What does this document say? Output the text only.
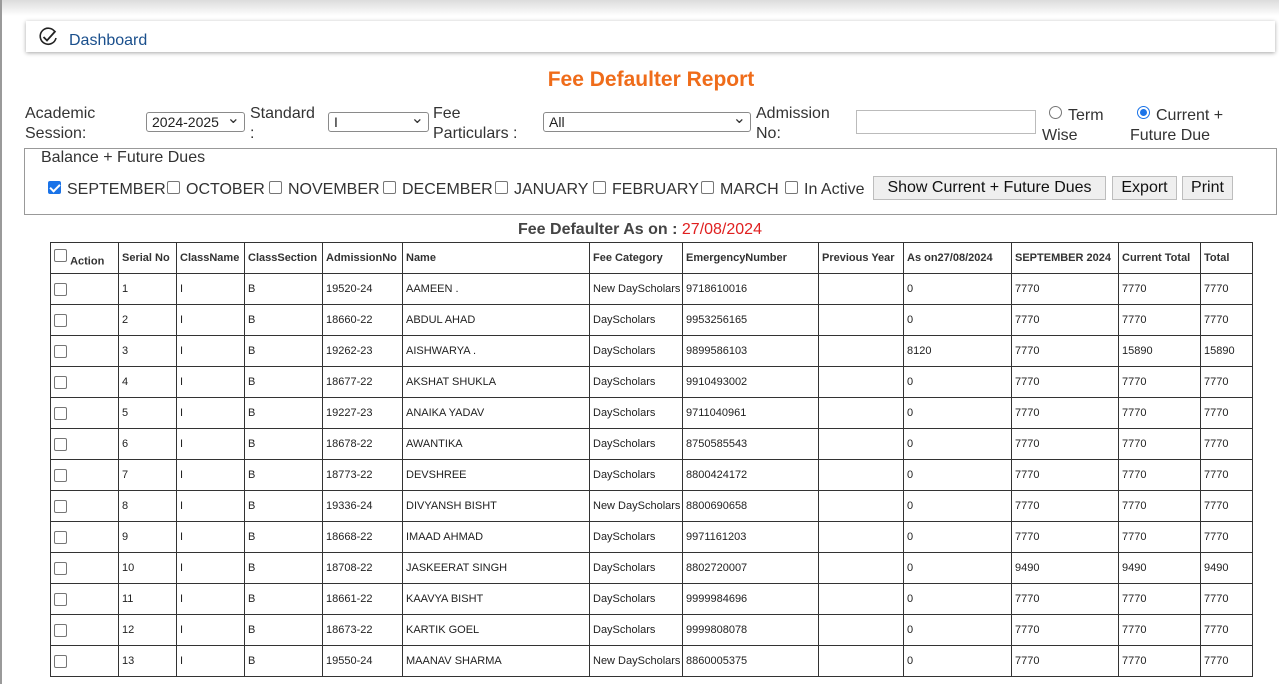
Dashboard
Fee Defaulter Report
Academic
Session:
2024-2025 ⌄ Standard
:
I	⌄ Fee
Particulars :
All	⌄ Admission
No:
Term
Wise
Current +
Future Due
Balance + Future Dues
SEPTEMBER OCTOBER NOVEMBER DECEMBER JANUARY FEBRUARY MARCH In Active	Show Current + Future Dues	Export	Print
Fee Defaulter As on : 27/08/2024
Action	Serial No	ClassName	ClassSection	AdmissionNo	Name	Fee Category	EmergencyNumber	Previous Year	As on27/08/2024	SEPTEMBER 2024	Current Total	Total
	1	I	B	19520-24	AAMEEN .	New DayScholars	9718610016		0	7770	7770	7770
	2	I	B	18660-22	ABDUL AHAD	DayScholars	9953256165		0	7770	7770	7770
	3	I	B	19262-23	AISHWARYA .	DayScholars	9899586103		8120	7770	15890	15890
	4	I	B	18677-22	AKSHAT SHUKLA	DayScholars	9910493002		0	7770	7770	7770
	5	I	B	19227-23	ANAIKA YADAV	DayScholars	9711040961		0	7770	7770	7770
	6	I	B	18678-22	AWANTIKA	DayScholars	8750585543		0	7770	7770	7770
	7	I	B	18773-22	DEVSHREE	DayScholars	8800424172		0	7770	7770	7770
	8	I	B	19336-24	DIVYANSH BISHT	New DayScholars	8800690658		0	7770	7770	7770
	9	I	B	18668-22	IMAAD AHMAD	DayScholars	9971161203		0	7770	7770	7770
	10	I	B	18708-22	JASKEERAT SINGH	DayScholars	8802720007		0	9490	9490	9490
	11	I	B	18661-22	KAAVYA BISHT	DayScholars	9999984696		0	7770	7770	7770
	12	I	B	18673-22	KARTIK GOEL	DayScholars	9999808078		0	7770	7770	7770
	13	I	B	19550-24	MAANAV SHARMA	New DayScholars	8860005375		0	7770	7770	7770
